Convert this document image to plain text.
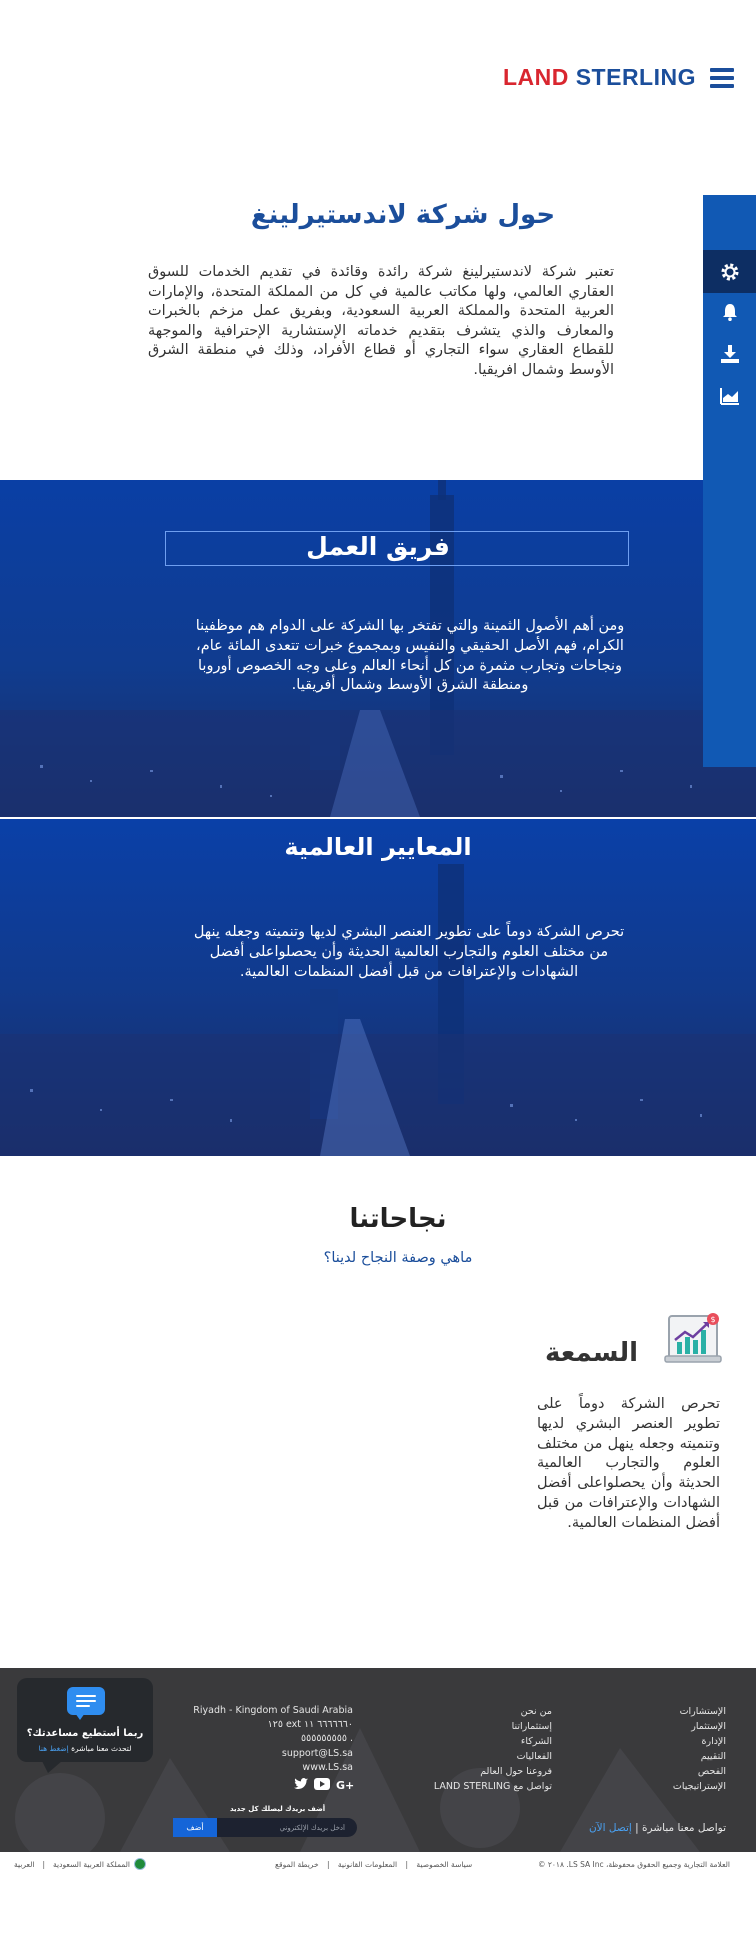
LAND STERLING
حول شركة لاندستيرلينغ

تعتبر شركة لاندستيرلينغ شركة رائدة وقائدة في تقديم الخدمات للسوق العقاري العالمي، ولها مكاتب عالمية في كل من المملكة المتحدة، والإمارات العربية المتحدة والمملكة العربية السعودية، وبفريق عمل مزخم بالخبرات والمعارف والذي يتشرف بتقديم خدماته الإستشارية الإحترافية والموجهة للقطاع العقاري سواء التجاري أو قطاع الأفراد، وذلك في منطقة الشرق الأوسط وشمال افريقيا.

فريق العمل

ومن أهم الأصول الثمينة والتي تفتخر بها الشركة على الدوام هم موظفينا الكرام، فهم الأصل الحقيقي والنفيس وبمجموع خبرات تتعدى المائة عام، ونجاحات وتجارب مثمرة من كل أنحاء العالم وعلى وجه الخصوص أوروبا ومنطقة الشرق الأوسط وشمال أفريقيا.

المعايير العالمية

تحرص الشركة دوماً على تطوير العنصر البشري لديها وتنميته وجعله ينهل من مختلف العلوم والتجارب العالمية الحديثة وأن يحصلواعلى أفضل الشهادات والإعترافات من قبل أفضل المنظمات العالمية.

نجاحاتنا
ماهي وصفة النجاح لدينا؟
$
السمعة

تحرص الشركة دوماً على تطوير العنصر البشري لديها وتنميته وجعله ينهل من مختلف العلوم والتجارب العالمية الحديثة وأن يحصلواعلى أفضل الشهادات والإعترافات من قبل أفضل المنظمات العالمية.

الإستشارات
الإستثمار
الإدارة
التقييم
الفحص
الإستراتيجيات
من نحن
إستثماراتنا
الشركاء
الفعاليات
فروعنا حول العالم
تواصل مع LAND STERLING
Riyadh - Kingdom of Saudi Arabia
١٢٥ ext ٦٦٦٦٦٦٠ ١١
٥٥٥٥٥٥٥٥٥ .
support@LS.sa
www.LS.sa
G+
أضف بريدك ليصلك كل جديد
أضف
أدخل بريدك الإلكتروني	تواصل معنا مباشرة | إتصل الآن
ربما أستطيع مساعدتك؟
لتحدث معنا مباشرة إضغط هنا
العلامة التجارية وجميع الحقوق محفوظة، LS SA Inc. ٢٠١٨ ©
سياسة الخصوصية | المعلومات القانونية | خريطة الموقع
المملكة العربية السعودية
|
العربية
